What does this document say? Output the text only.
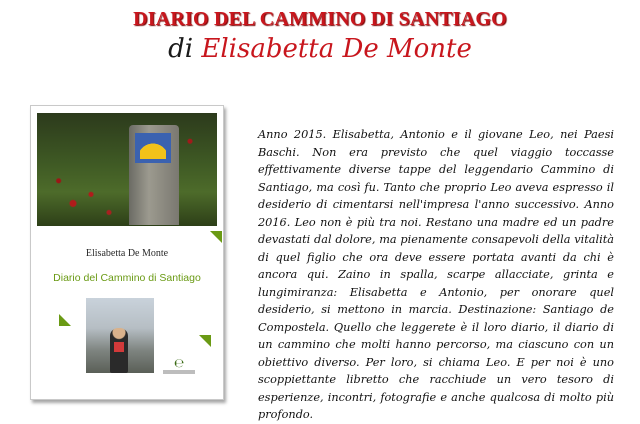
DIARIO DEL CAMMINO DI SANTIAGO
di Elisabetta De Monte
Elisabetta De Monte
Diario del Cammino di Santiago
℮

Anno 2015. Elisabetta, Antonio e il giovane Leo, nei Paesi Baschi. Non era previsto che quel viaggio toccasse effettivamente diverse tappe del leggendario Cammino di Santiago, ma così fu. Tanto che proprio Leo aveva espresso il desiderio di cimentarsi nell'impresa l'anno successivo. Anno 2016. Leo non è più tra noi. Restano una madre ed un padre devastati dal dolore, ma pienamente consapevoli della vitalità di quel figlio che ora deve essere portata avanti da chi è ancora qui. Zaino in spalla, scarpe allacciate, grinta e lungimiranza: Elisabetta e Antonio, per onorare quel desiderio, si mettono in marcia. Destinazione: Santiago de Compostela. Quello che leggerete è il loro diario, il diario di un cammino che molti hanno percorso, ma ciascuno con un obiettivo diverso. Per loro, si chiama Leo. E per noi è uno scoppiettante libretto che racchiude un vero tesoro di esperienze, incontri, fotografie e anche qualcosa di molto più profondo.
